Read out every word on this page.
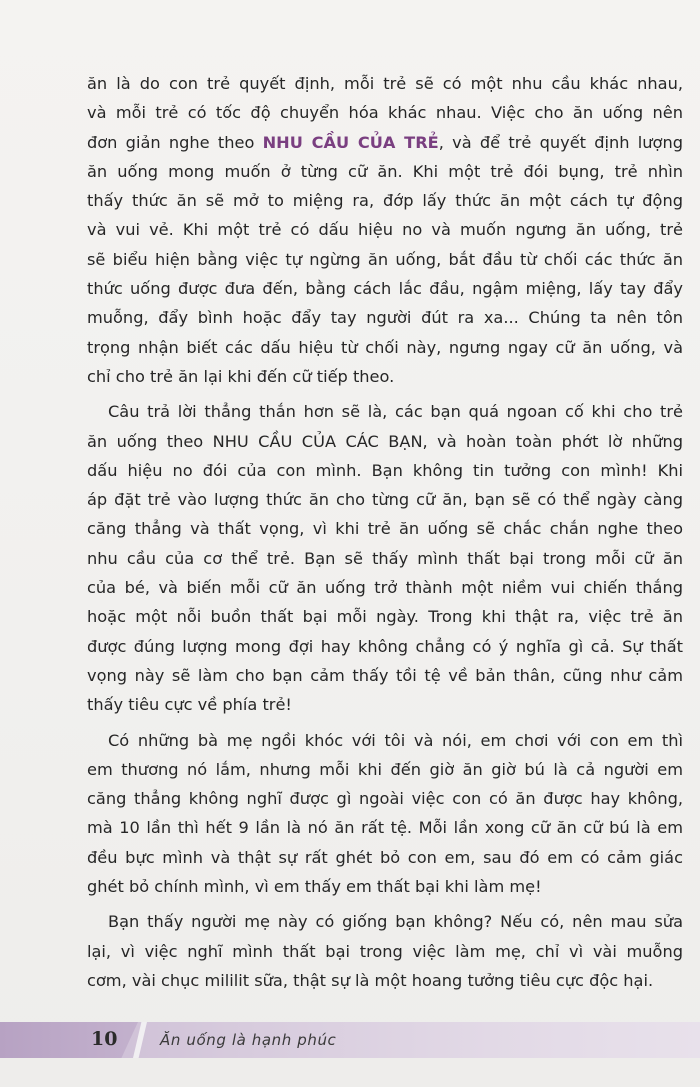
ăn là do con trẻ quyết định, mỗi trẻ sẽ có một nhu cầu khác nhau,
và mỗi trẻ có tốc độ chuyển hóa khác nhau. Việc cho ăn uống nên
đơn giản nghe theo NHU CẦU CỦA TRẺ, và để trẻ quyết định lượng
ăn uống mong muốn ở từng cữ ăn. Khi một trẻ đói bụng, trẻ nhìn
thấy thức ăn sẽ mở to miệng ra, đớp lấy thức ăn một cách tự động
và vui vẻ. Khi một trẻ có dấu hiệu no và muốn ngưng ăn uống, trẻ
sẽ biểu hiện bằng việc tự ngừng ăn uống, bắt đầu từ chối các thức ăn
thức uống được đưa đến, bằng cách lắc đầu, ngậm miệng, lấy tay đẩy
muỗng, đẩy bình hoặc đẩy tay người đút ra xa... Chúng ta nên tôn
trọng nhận biết các dấu hiệu từ chối này, ngưng ngay cữ ăn uống, và
chỉ cho trẻ ăn lại khi đến cữ tiếp theo.

Câu trả lời thẳng thắn hơn sẽ là, các bạn quá ngoan cố khi cho trẻ
ăn uống theo NHU CẦU CỦA CÁC BẠN, và hoàn toàn phớt lờ những
dấu hiệu no đói của con mình. Bạn không tin tưởng con mình! Khi
áp đặt trẻ vào lượng thức ăn cho từng cữ ăn, bạn sẽ có thể ngày càng
căng thẳng và thất vọng, vì khi trẻ ăn uống sẽ chắc chắn nghe theo
nhu cầu của cơ thể trẻ. Bạn sẽ thấy mình thất bại trong mỗi cữ ăn
của bé, và biến mỗi cữ ăn uống trở thành một niềm vui chiến thắng
hoặc một nỗi buồn thất bại mỗi ngày. Trong khi thật ra, việc trẻ ăn
được đúng lượng mong đợi hay không chẳng có ý nghĩa gì cả. Sự thất
vọng này sẽ làm cho bạn cảm thấy tồi tệ về bản thân, cũng như cảm
thấy tiêu cực về phía trẻ!

Có những bà mẹ ngồi khóc với tôi và nói, em chơi với con em thì
em thương nó lắm, nhưng mỗi khi đến giờ ăn giờ bú là cả người em
căng thẳng không nghĩ được gì ngoài việc con có ăn được hay không,
mà 10 lần thì hết 9 lần là nó ăn rất tệ. Mỗi lần xong cữ ăn cữ bú là em
đều bực mình và thật sự rất ghét bỏ con em, sau đó em có cảm giác
ghét bỏ chính mình, vì em thấy em thất bại khi làm mẹ!

Bạn thấy người mẹ này có giống bạn không? Nếu có, nên mau sửa
lại, vì việc nghĩ mình thất bại trong việc làm mẹ, chỉ vì vài muỗng
cơm, vài chục mililit sữa, thật sự là một hoang tưởng tiêu cực độc hại.

10	Ăn uống là hạnh phúc
